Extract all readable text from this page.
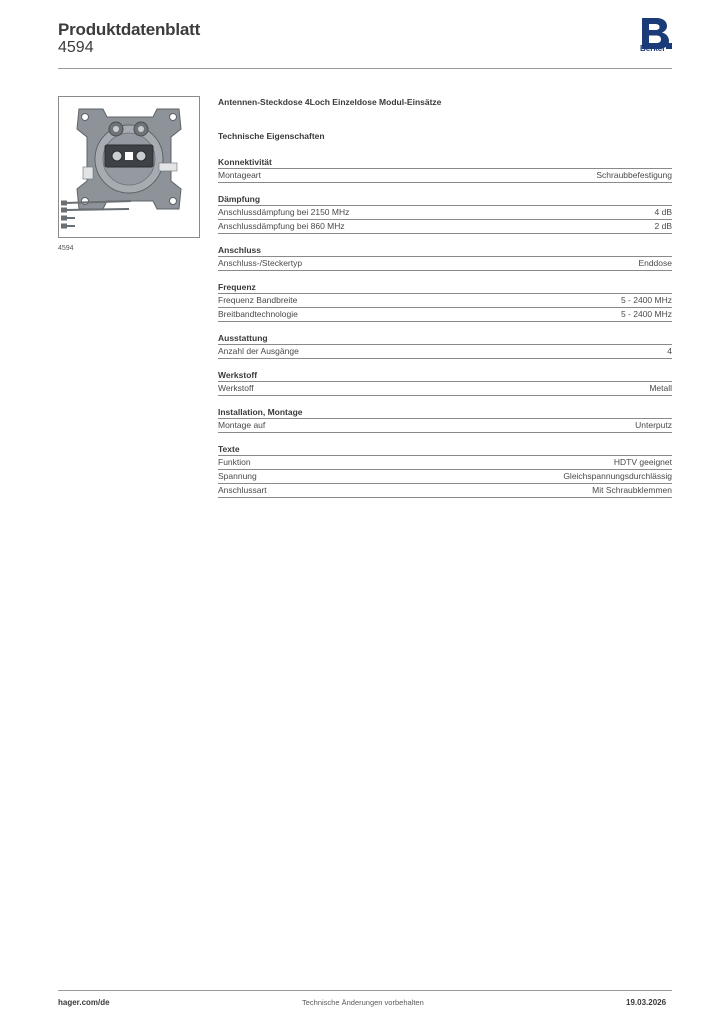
Produktdatenblatt
4594	Berker
4594
Antennen-Steckdose 4Loch Einzeldose Modul-Einsätze
Technische Eigenschaften
Konnektivität
Montageart	Schraubbefestigung
Dämpfung
Anschlussdämpfung bei 2150 MHz	4 dB
Anschlussdämpfung bei 860 MHz	2 dB
Anschluss
Anschluss-/Steckertyp	Enddose
Frequenz
Frequenz Bandbreite	5 - 2400 MHz
Breitbandtechnologie	5 - 2400 MHz
Ausstattung
Anzahl der Ausgänge	4
Werkstoff
Werkstoff	Metall
Installation, Montage
Montage auf	Unterputz
Texte
Funktion	HDTV geeignet
Spannung	Gleichspannungsdurchlässig
Anschlussart	Mit Schraubklemmen
hager.com/de	Technische Änderungen vorbehalten	19.03.2026
